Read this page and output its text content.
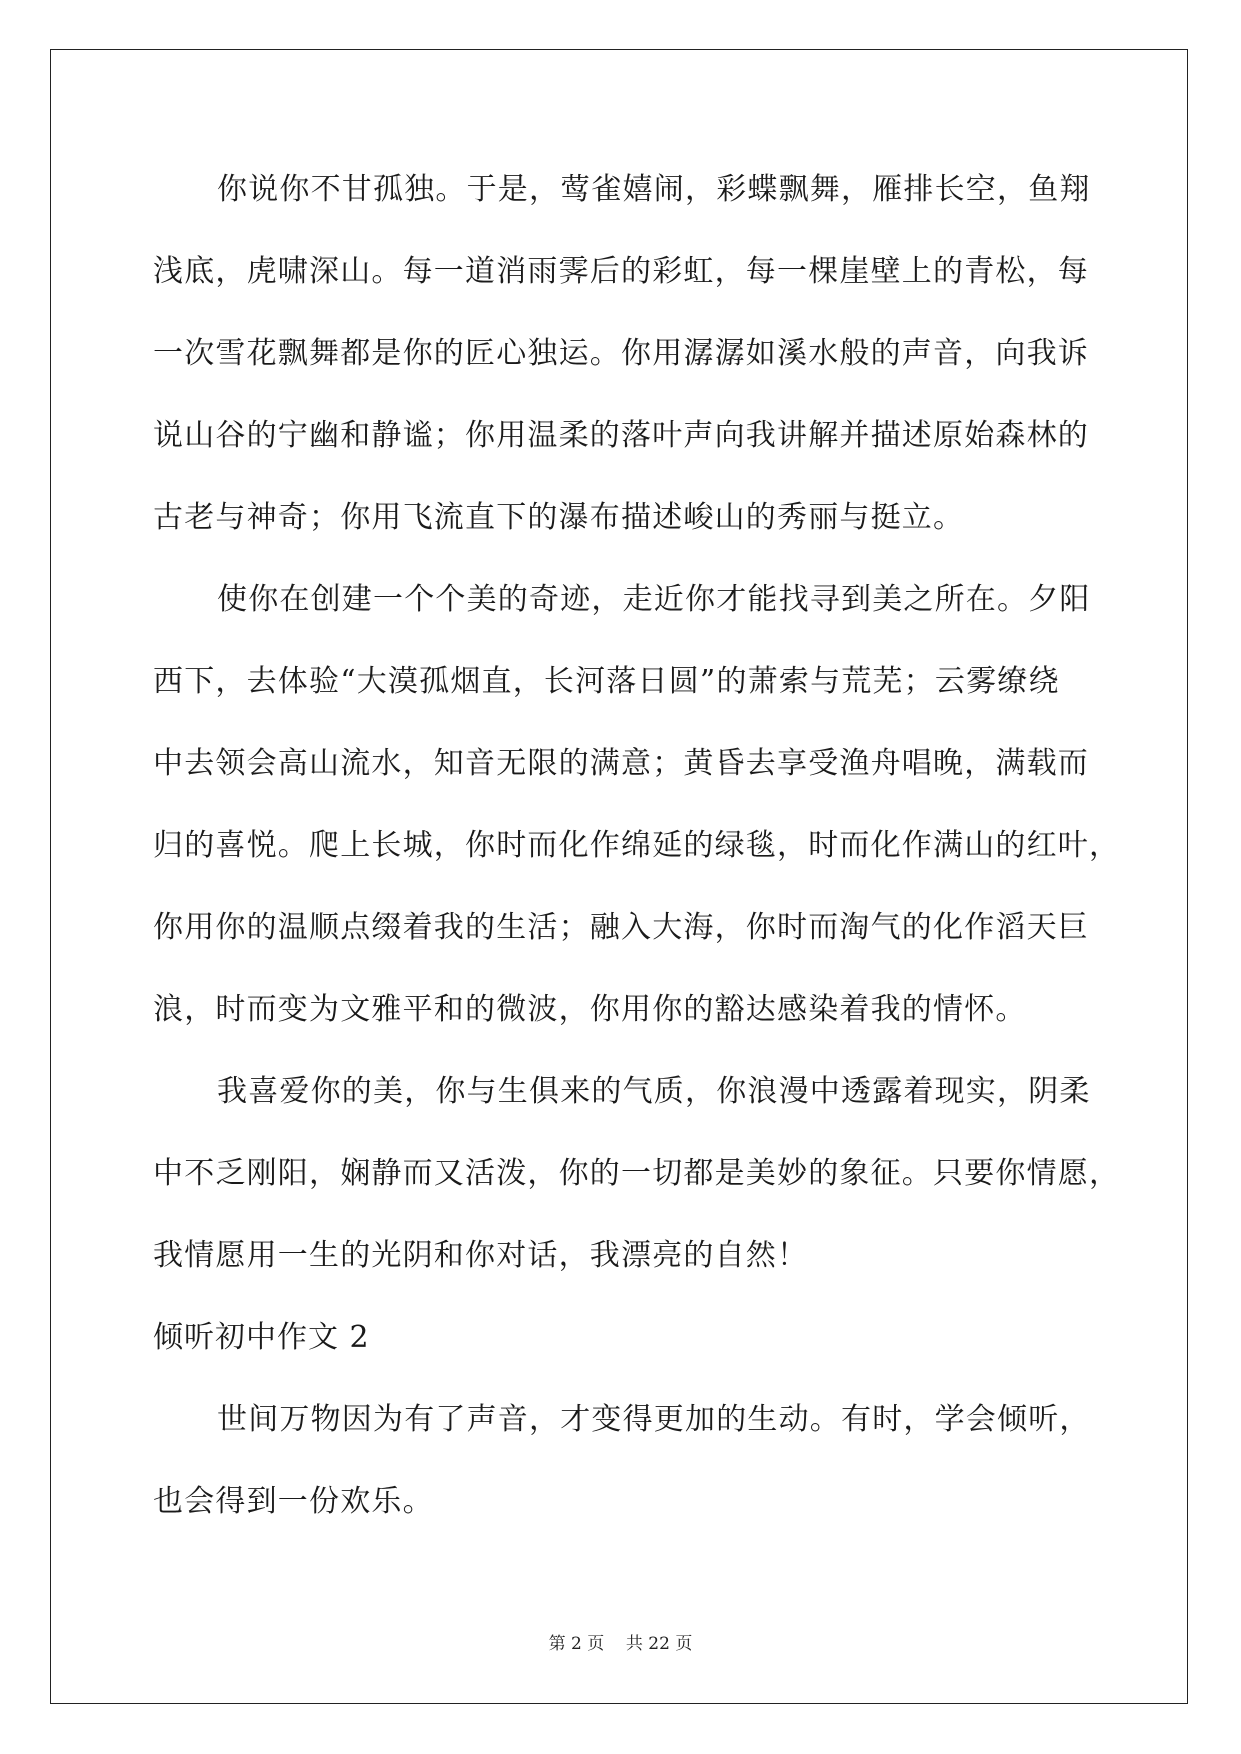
你说你不甘孤独。于是，莺雀嬉闹，彩蝶飘舞，雁排长空，鱼翔
浅底，虎啸深山。每一道消雨霁后的彩虹，每一棵崖壁上的青松，每
一次雪花飘舞都是你的匠心独运。你用潺潺如溪水般的声音，向我诉
说山谷的宁幽和静谧；你用温柔的落叶声向我讲解并描述原始森林的
古老与神奇；你用飞流直下的瀑布描述峻山的秀丽与挺立。
使你在创建一个个美的奇迹，走近你才能找寻到美之所在。夕阳
西下，去体验“大漠孤烟直，长河落日圆”的萧索与荒芜；云雾缭绕
中去领会高山流水，知音无限的满意；黄昏去享受渔舟唱晚，满载而
归的喜悦。爬上长城，你时而化作绵延的绿毯，时而化作满山的红叶，
你用你的温顺点缀着我的生活；融入大海，你时而淘气的化作滔天巨
浪，时而变为文雅平和的微波，你用你的豁达感染着我的情怀。
我喜爱你的美，你与生俱来的气质，你浪漫中透露着现实，阴柔
中不乏刚阳，娴静而又活泼，你的一切都是美妙的象征。只要你情愿，
我情愿用一生的光阴和你对话，我漂亮的自然！
倾听初中作文 2
世间万物因为有了声音，才变得更加的生动。有时，学会倾听，
也会得到一份欢乐。
第 2 页 共 22 页
